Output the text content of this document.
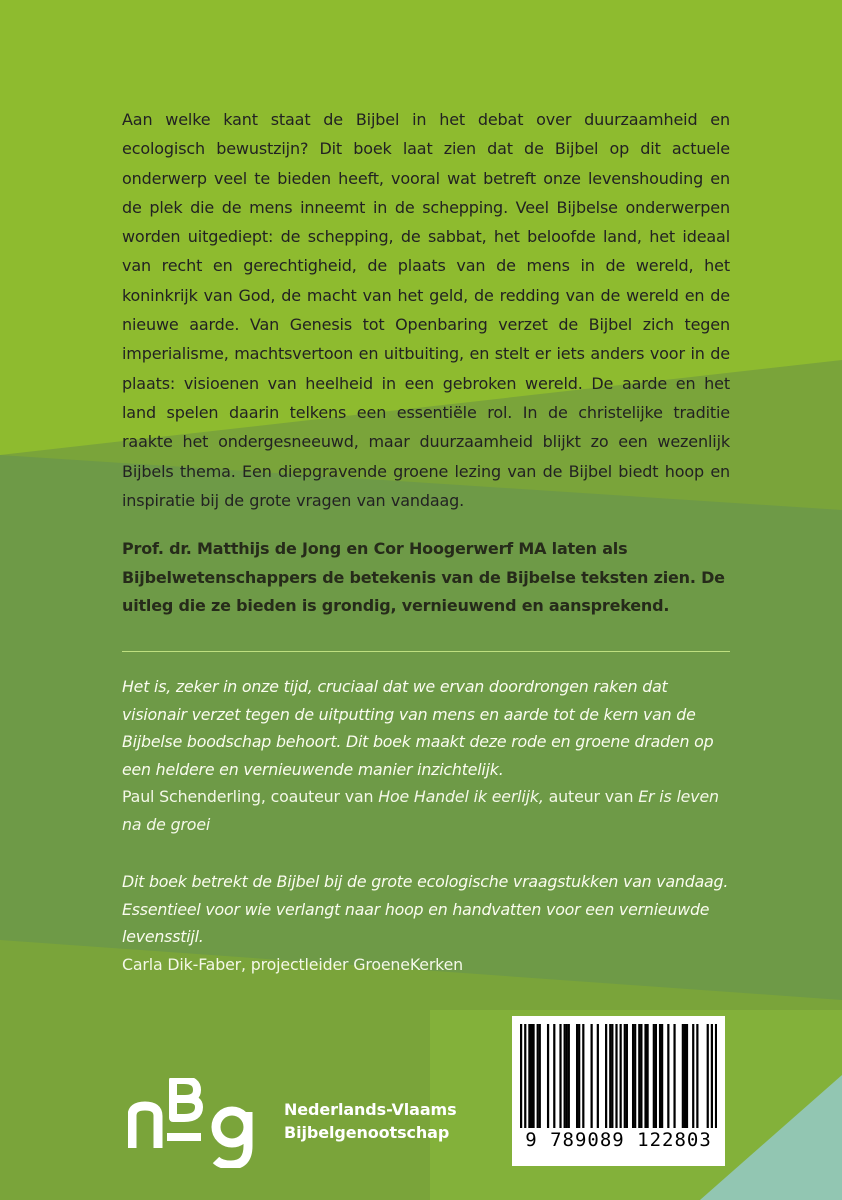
Aan welke kant staat de Bijbel in het debat over duurzaamheid en ecologisch bewustzijn? Dit boek laat zien dat de Bijbel op dit actuele onderwerp veel te bieden heeft, vooral wat betreft onze levenshouding en de plek die de mens inneemt in de schepping. Veel Bijbelse onderwerpen worden uitgediept: de schepping, de sabbat, het beloofde land, het ideaal van recht en gerechtigheid, de plaats van de mens in de wereld, het koninkrijk van God, de macht van het geld, de redding van de wereld en de nieuwe aarde. Van Genesis tot Openbaring verzet de Bijbel zich tegen imperialisme, machtsvertoon en uitbuiting, en stelt er iets anders voor in de plaats: visioenen van heelheid in een gebroken wereld. De aarde en het land spelen daarin telkens een essentiële rol. In de christelijke traditie raakte het ondergesneeuwd, maar duurzaamheid blijkt zo een wezenlijk Bijbels thema. Een diepgravende groene lezing van de Bijbel biedt hoop en inspiratie bij de grote vragen van vandaag.

Prof. dr. Matthijs de Jong en Cor Hoogerwerf MA laten als Bijbelwetenschappers de betekenis van de Bijbelse teksten zien. De uitleg die ze bieden is grondig, vernieuwend en aansprekend.

Het is, zeker in onze tijd, cruciaal dat we ervan doordrongen raken dat visionair verzet tegen de uitputting van mens en aarde tot de kern van de Bijbelse boodschap behoort. Dit boek maakt deze rode en groene draden op een heldere en vernieuwende manier inzichtelijk.

Paul Schenderling, coauteur van Hoe Handel ik eerlijk, auteur van Er is leven na de groei

Dit boek betrekt de Bijbel bij de grote ecologische vraagstukken van vandaag. Essentieel voor wie verlangt naar hoop en handvatten voor een vernieuwde levensstijl.

Carla Dik-Faber, projectleider GroeneKerken

Nederlands-Vlaams
Bijbelgenootschap	9 789089 122803
